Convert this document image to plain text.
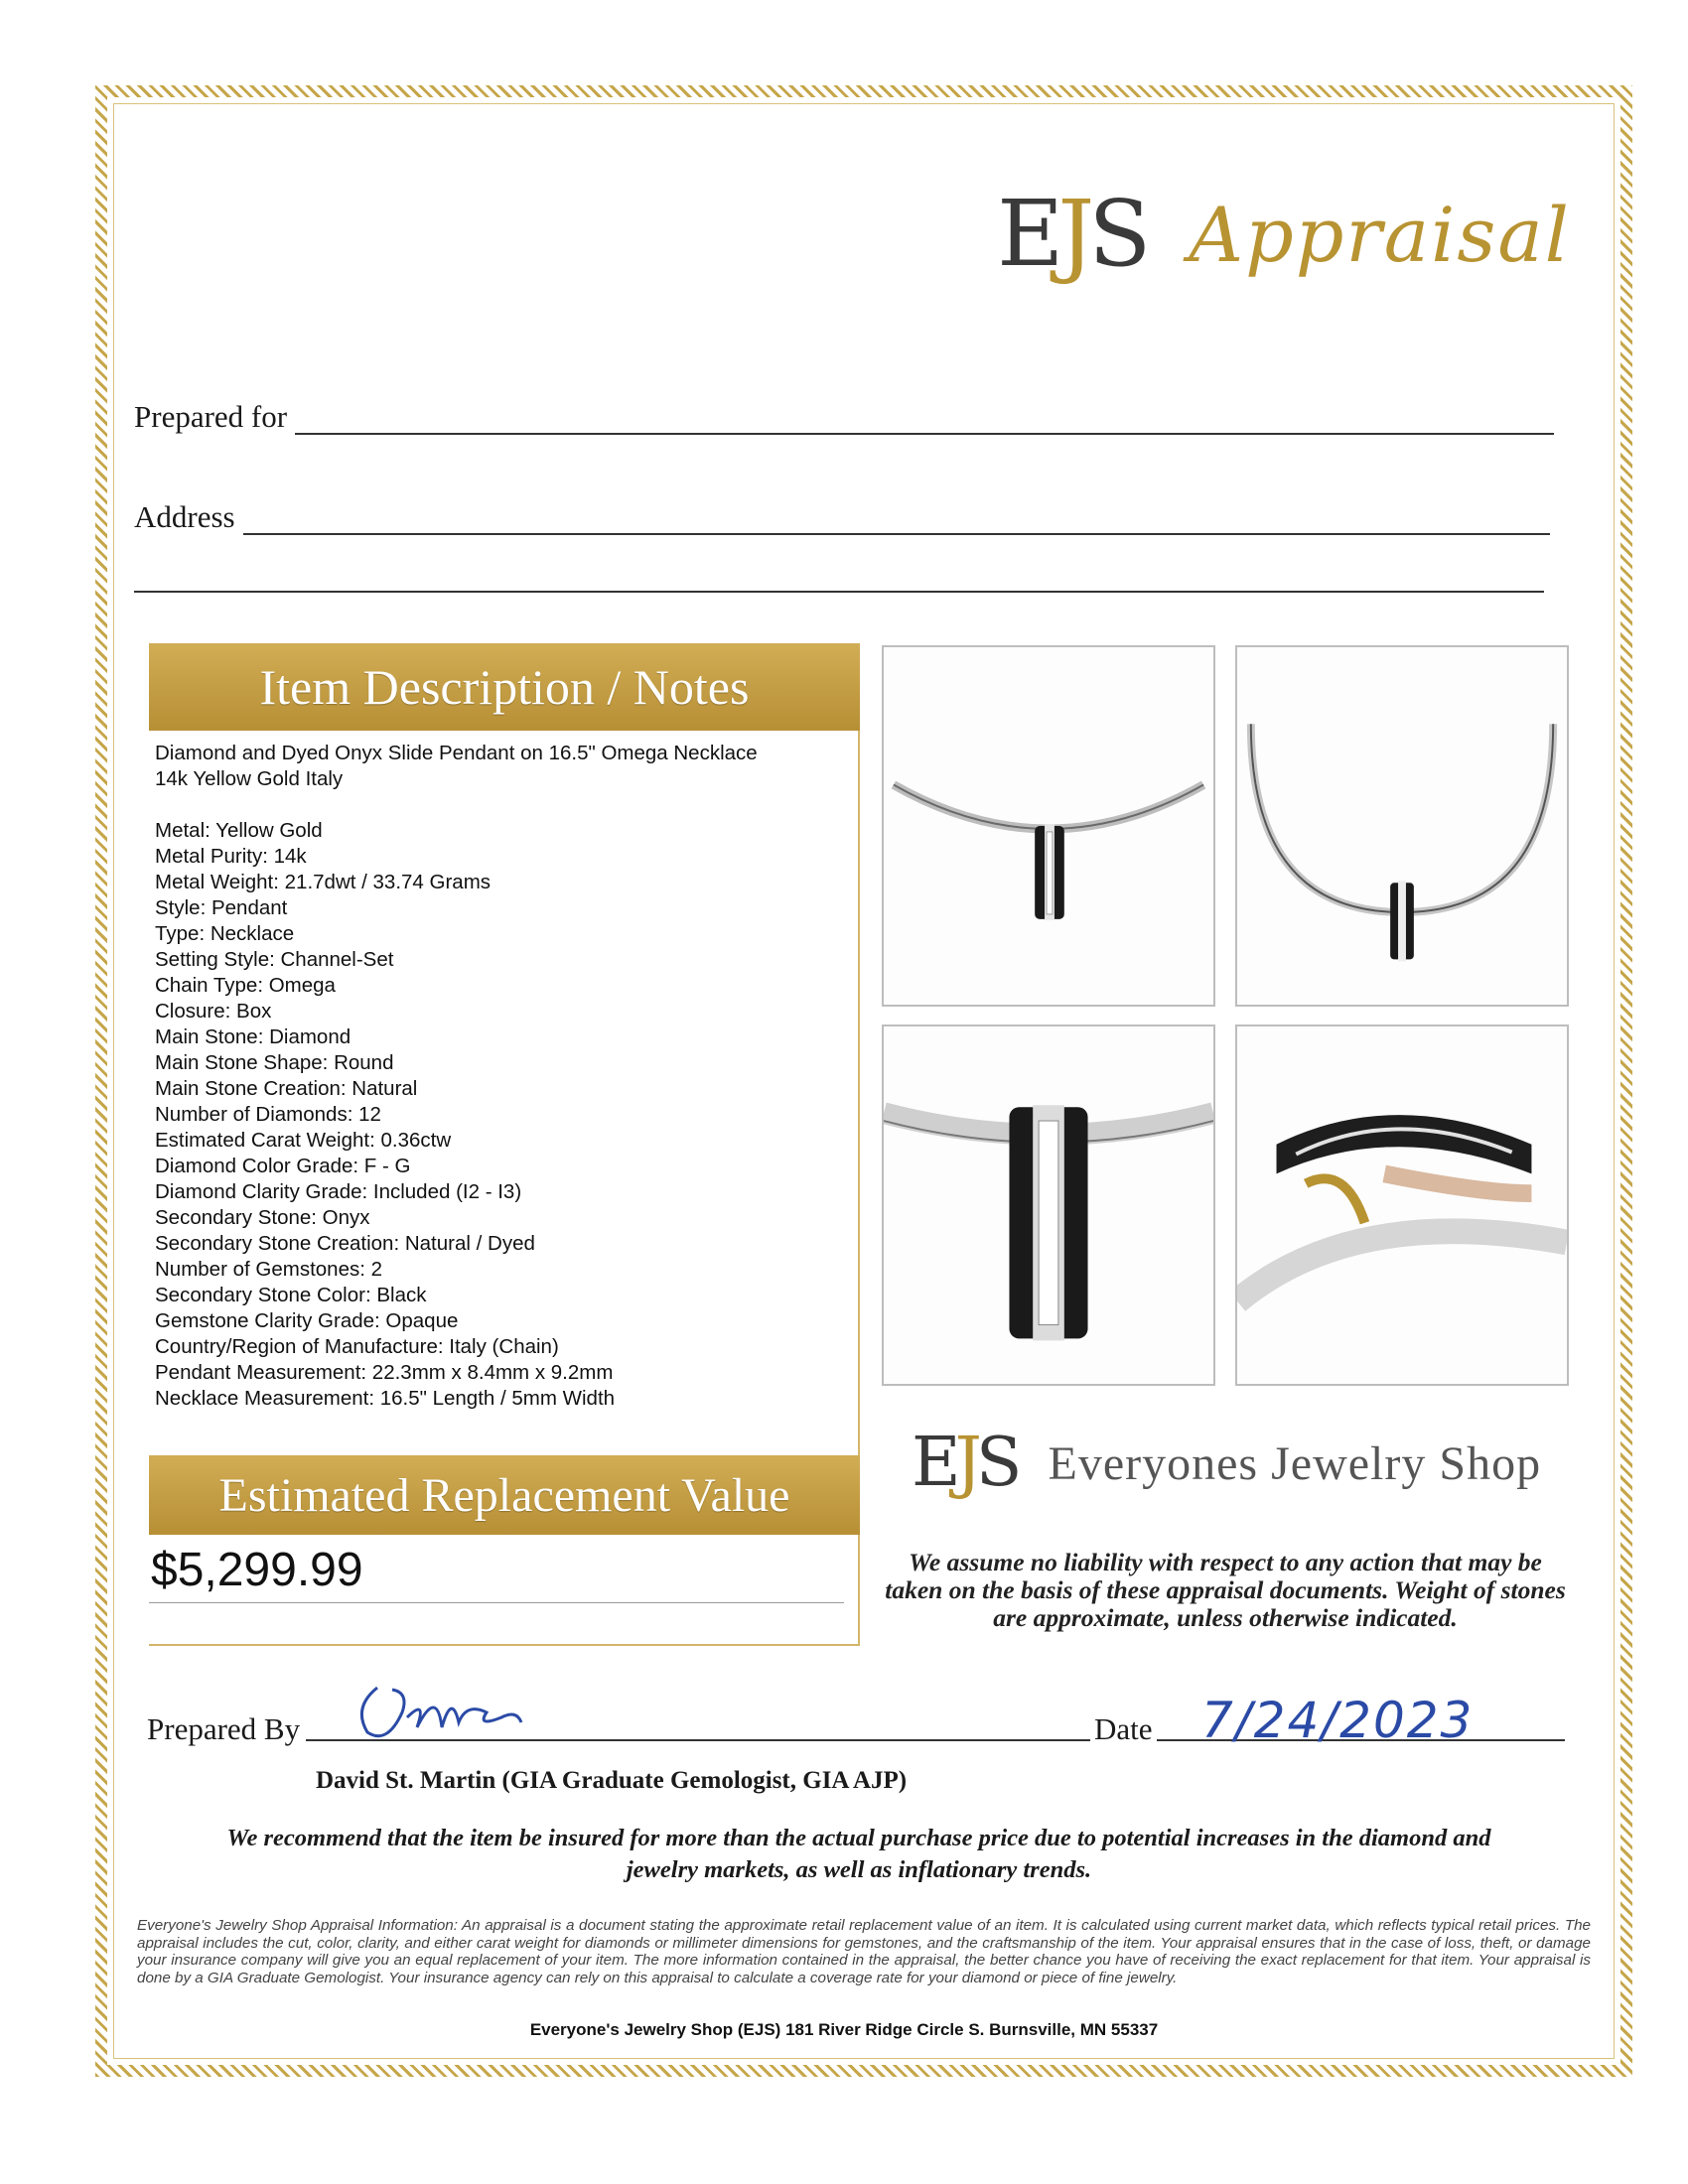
EJS Appraisal
Prepared for
Address
Item Description / Notes
Diamond and Dyed Onyx Slide Pendant on 16.5" Omega Necklace
14k Yellow Gold Italy
Metal: Yellow Gold
Metal Purity: 14k
Metal Weight: 21.7dwt / 33.74 Grams
Style: Pendant
Type: Necklace
Setting Style: Channel-Set
Chain Type: Omega
Closure: Box
Main Stone: Diamond
Main Stone Shape: Round
Main Stone Creation: Natural
Number of Diamonds: 12
Estimated Carat Weight: 0.36ctw
Diamond Color Grade: F - G
Diamond Clarity Grade: Included (I2 - I3)
Secondary Stone: Onyx
Secondary Stone Creation: Natural / Dyed
Number of Gemstones: 2
Secondary Stone Color: Black
Gemstone Clarity Grade: Opaque
Country/Region of Manufacture: Italy (Chain)
Pendant Measurement: 22.3mm x 8.4mm x 9.2mm
Necklace Measurement: 16.5" Length / 5mm Width
Estimated Replacement Value
$5,299.99
EJS Everyones Jewelry Shop
We assume no liability with respect to any action that may be taken on the basis of these appraisal documents. Weight of stones are approximate, unless otherwise indicated.
Prepared By	Date 7/24/2023
David St. Martin (GIA Graduate Gemologist, GIA AJP)
We recommend that the item be insured for more than the actual purchase price due to potential increases in the diamond and jewelry markets, as well as inflationary trends.
Everyone's Jewelry Shop Appraisal Information: An appraisal is a document stating the approximate retail replacement value of an item. It is calculated using current market data, which reflects typical retail prices. The appraisal includes the cut, color, clarity, and either carat weight for diamonds or millimeter dimensions for gemstones, and the craftsmanship of the item. Your appraisal ensures that in the case of loss, theft, or damage your insurance company will give you an equal replacement of your item. The more information contained in the appraisal, the better chance you have of receiving the exact replacement for that item. Your appraisal is done by a GIA Graduate Gemologist. Your insurance agency can rely on this appraisal to calculate a coverage rate for your diamond or piece of fine jewelry.
Everyone's Jewelry Shop (EJS) 181 River Ridge Circle S. Burnsville, MN 55337
